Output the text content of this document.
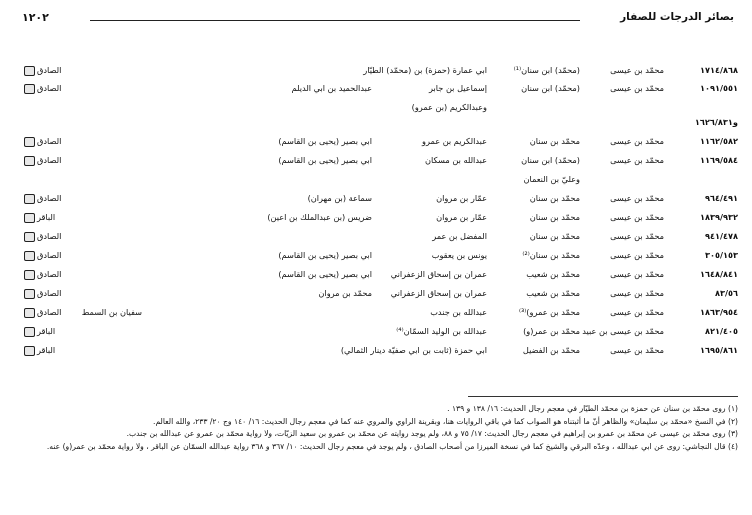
بصائر الدرجات للصفار
١٢٠٢
١٧١٤/٨٦٨
محمّد بن عيسى
(محمّد) ابن سنان⁽¹⁾
ابي عمارة (حمزة) بن (محمّد) الطيّار
الصادق
١٠٩١/٥٥١
محمّد بن عيسى
(محمّد) ابن سنان
إسماعيل بن جابر
عبدالحميد بن ابي الديلم
الصادق
وعبدالكريم (بن عمرو)
و١٦٢٦/٨٣١
١١٦٢/٥٨٢
محمّد بن عيسى
محمّد بن سنان
عبدالكريم بن عمرو
ابي بصير (يحيى بن القاسم)
الصادق
١١٦٩/٥٨٤
محمّد بن عيسى
(محمّد) ابن سنان
عبدالله بن مسكان
ابي بصير (يحيى بن القاسم)
الصادق
وعليّ بن النعمان
٩٦٤/٤٩١
محمّد بن عيسى
محمّد بن سنان
عمّار بن مروان
سماعة (بن مهران)
الصادق
١٨٣٩/٩٣٢
محمّد بن عيسى
محمّد بن سنان
عمّار بن مروان
ضريس (بن عبدالملك بن اعين)
الباقر
٩٤١/٤٧٨
محمّد بن عيسى
محمّد بن سنان
المفضل بن عمر
الصادق
٣٠٥/١٥٣
محمّد بن عيسى
محمّد بن سنان⁽²⁾
يونس بن يعقوب
ابي بصير (يحيى بن القاسم)
الصادق
١٦٤٨/٨٤١
محمّد بن عيسى
محمّد بن شعيب
عمران بن إسحاق الزعفراني
ابي بصير (يحيى بن القاسم)
الصادق
٨٣/٥٦
محمّد بن عيسى
محمّد بن شعيب
عمران بن إسحاق الزعفراني
محمّد بن مروان
الصادق
١٨٦٣/٩٥٤
محمّد بن عيسى
محمّد بن عمرو)⁽³⁾
عبدالله بن جندب
سفيان بن السمط
الصادق
٨٢١/٤٠٥
محمّد بن عيسى بن عبيد
محمّد بن عمر(و)
عبدالله بن الوليد السمّان⁽⁴⁾
الباقر
١٦٩٥/٨٦١
محمّد بن عيسى
محمّد بن الفضيل
ابي حمزة (ثابت بن ابي صفيّة دينار الثمالي)
الباقر
(١) روى محمّد بن سنان عن حمزة بن محمّد الطيّار في معجم رجال الحديث: ١٦/ ١٣٨ و ١٣٩ .
(٢) في النسخ «محمّد بن سليمان» والظاهر أنّ ما أثبتناه هو الصواب كما في باقي الروايات هنا، وبقرينة الراوي والمروي عنه كما في معجم رجال الحديث: ١٦/ ١٤٠ وج ٢٠/ ٢٣٣، والله العالم.
(٣) روى محمّد بن عيسى عن محمّد بن عمرو بن إبراهيم في معجم رجال الحديث: ١٧/ ٧٥ و ٨٨، ولم يوجد روايته عن محمّد بن عمرو بن سعيد الزيّات، ولا رواية محمّد بن عمرو عن عبدالله بن جندب.
(٤) قال النجاشي: روى عن ابي عبدالله ، وعدّه البرقي والشيخ كما في نسخة الميرزا من أصحاب الصادق ، ولم يوجد في معجم رجال الحديث: ١٠/ ٣٦٧ و ٣٦٨ رواية عبدالله السمّان عن الباقر ، ولا رواية محمّد بن عمر(و) عنه.
